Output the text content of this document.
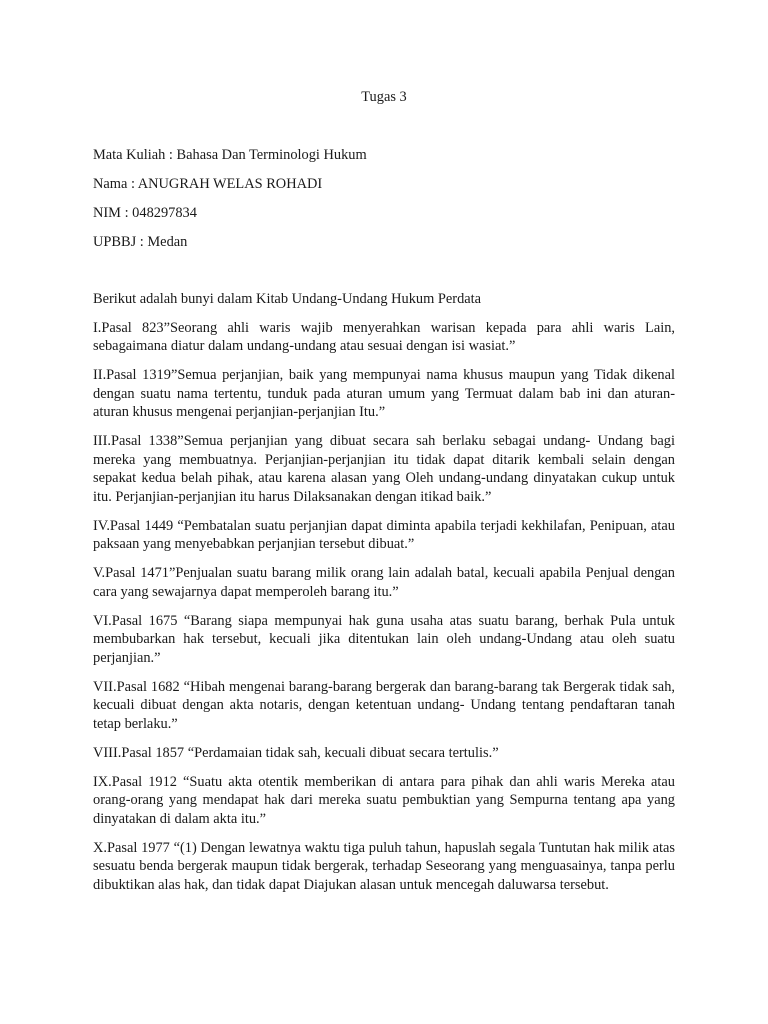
Tugas 3
Mata Kuliah : Bahasa Dan Terminologi Hukum
Nama : ANUGRAH WELAS ROHADI
NIM : 048297834
UPBBJ : Medan

Berikut adalah bunyi dalam Kitab Undang-Undang Hukum Perdata

I.Pasal 823”Seorang ahli waris wajib menyerahkan warisan kepada para ahli waris Lain, sebagaimana diatur dalam undang-undang atau sesuai dengan isi wasiat.”

II.Pasal 1319”Semua perjanjian, baik yang mempunyai nama khusus maupun yang Tidak dikenal dengan suatu nama tertentu, tunduk pada aturan umum yang Termuat dalam bab ini dan aturan-aturan khusus mengenai perjanjian-perjanjian Itu.”

III.Pasal 1338”Semua perjanjian yang dibuat secara sah berlaku sebagai undang- Undang bagi mereka yang membuatnya. Perjanjian-perjanjian itu tidak dapat ditarik kembali selain dengan sepakat kedua belah pihak, atau karena alasan yang Oleh undang-undang dinyatakan cukup untuk itu. Perjanjian-perjanjian itu harus Dilaksanakan dengan itikad baik.”

IV.Pasal 1449 “Pembatalan suatu perjanjian dapat diminta apabila terjadi kekhilafan, Penipuan, atau paksaan yang menyebabkan perjanjian tersebut dibuat.”

V.Pasal 1471”Penjualan suatu barang milik orang lain adalah batal, kecuali apabila Penjual dengan cara yang sewajarnya dapat memperoleh barang itu.”

VI.Pasal 1675 “Barang siapa mempunyai hak guna usaha atas suatu barang, berhak Pula untuk membubarkan hak tersebut, kecuali jika ditentukan lain oleh undang-Undang atau oleh suatu perjanjian.”

VII.Pasal 1682 “Hibah mengenai barang-barang bergerak dan barang-barang tak Bergerak tidak sah, kecuali dibuat dengan akta notaris, dengan ketentuan undang- Undang tentang pendaftaran tanah tetap berlaku.”

VIII.Pasal 1857 “Perdamaian tidak sah, kecuali dibuat secara tertulis.”

IX.Pasal 1912 “Suatu akta otentik memberikan di antara para pihak dan ahli waris Mereka atau orang-orang yang mendapat hak dari mereka suatu pembuktian yang Sempurna tentang apa yang dinyatakan di dalam akta itu.”

X.Pasal 1977 “(1) Dengan lewatnya waktu tiga puluh tahun, hapuslah segala Tuntutan hak milik atas sesuatu benda bergerak maupun tidak bergerak, terhadap Seseorang yang menguasainya, tanpa perlu dibuktikan alas hak, dan tidak dapat Diajukan alasan untuk mencegah daluwarsa tersebut.
